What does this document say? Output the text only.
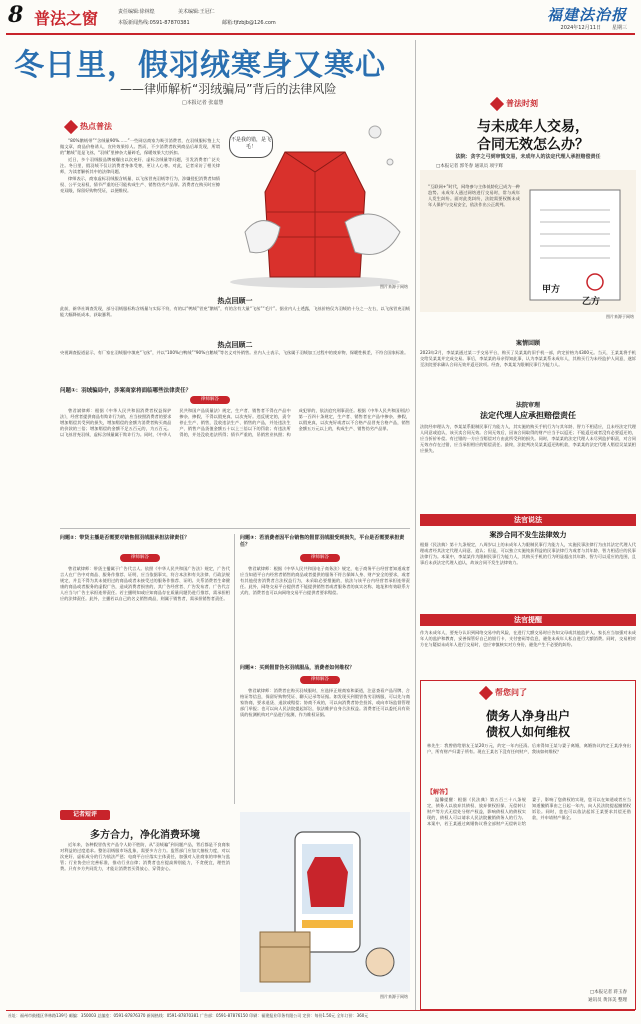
8 普法之窗	责任编辑:徐林煌	美术编辑:王冠仁
本版新闻热线:0591-87870381	邮箱:fjfzbjb@126.com	福建法治报
2024年12月11日 星期三
冬日里，假羽绒寒身又寒心
——律师解析“羽绒骗局”背后的法律风险
□本报记者 张嘉慧
热点普法

“80%鹅绒带”“含绒量90%……”一些网店商家为吸引消费者，在羽绒服标签上大做文章，商品价格诱人，宣传效果惊人。然而，不少消费者收到商品后却发现，所谓的“鹅绒”竟是飞丝，“羽绒”里掺杂大量碎毛，保暖效果大打折扣。

近日，多个羽绒服品牌被曝出以次充好、虚标含绒量等问题，引发消费者广泛关注。冬日里，假羽绒不仅让消费者身体受寒，更让人心寒。对此，记者采访了相关律师，为读者解析其中的法律问题。

律师表示，商家虚标羽绒服含绒量、以飞丝冒充羽绒等行为，涉嫌侵犯消费者知情权、公平交易权，情节严重的还可能构成生产、销售伪劣产品罪。消费者在购买时应擦亮双眼，保留好购物凭证，以便维权。

不是我的错，是飞毛！
图片来源于网络
热点回顾一
此前，新华社调查发现，部分羽绒服标称含绒量与实际不符，有的以“鸭绒”冒充“鹅绒”，有的含有大量“飞丝”“毛片”。据业内人士透露，飞丝价格仅为羽绒的十分之一左右，以飞丝冒充羽绒能大幅降低成本，获取暴利。
热点回顾二
央视调查报道显示，有厂家在羽绒服中填充“飞丝”，并以“100%白鸭绒”“90%白鹅绒”等名义对外销售。业内人士表示，飞丝属于羽绒加工过程中的废弃物，保暖性极差，不符合国家标准。
问题①：羽绒骗局中，涉案商家将面临哪些法律责任？
律师解答

曾君斌律师：根据《中华人民共和国消费者权益保护法》，经营者提供商品有欺诈行为的，应当按照消费者的要求增加赔偿其受到的损失，增加赔偿的金额为消费者购买商品的价款的三倍；增加赔偿的金额不足五百元的，为五百元。以飞丝冒充羽绒、虚标含绒量属于欺诈行为。同时，《中华人民共和国产品质量法》规定，生产者、销售者不得在产品中掺杂、掺假，不得以假充真、以次充好。违反规定的，责令停止生产、销售，没收违法生产、销售的产品，并处违法生产、销售产品货值金额五十以上三倍以下的罚款；有违法所得的，并处没收违法所得；情节严重的，吊销营业执照；构成犯罪的，依法追究刑事责任。根据《中华人民共和国刑法》第一百四十条规定，生产者、销售者在产品中掺杂、掺假，以假充真，以次充好或者以不合格产品冒充合格产品，销售金额五万元以上的，构成生产、销售伪劣产品罪。

问题②：带货主播是否需要对销售假羽绒服承担法律责任？
律师解答

曾君斌律师：带货主播属于广告代言人。依照《中华人民共和国广告法》规定，广告代言人在广告中对商品、服务作推荐、证明，应当依据事实，符合本法和有关法律、行政法规规定，并且不得为其未使用过的商品或者未接受过的服务作推荐、证明。关系消费者生命健康的商品或者服务的虚假广告，造成消费者损害的，其广告经营者、广告发布者、广告代言人应当与广告主承担连带责任。若主播明知或应知商品存在质量问题仍进行推荐，需承担相应的法律责任。此外，主播若以自己的名义销售商品，则属于销售者，需承担销售者责任。

问题③：若消费者因平台销售的假冒羽绒服受到损失，平台是否需要承担责任？
律师解答

曾君斌律师：根据《中华人民共和国电子商务法》规定，电子商务平台经营者知道或者应当知道平台内经营者销售的商品或者提供的服务不符合保障人身、财产安全的要求，或者有其他侵害消费者合法权益行为，未采取必要措施的，依法与该平台内经营者承担连带责任。此外，网络交易平台提供者不能提供销售者或者服务者的真实名称、地址和有效联系方式的，消费者也可以向网络交易平台提供者要求赔偿。

问题④：买到假冒伪劣羽绒服品，消费者如何维权？
律师解答

曾君斌律师：消费者在购买羽绒服时，应选择正规商家和渠道，注意查看产品吊牌、合格证等信息，保留好购物凭证、聊天记录等证据。如发现买到假冒伪劣羽绒服，可以先与商家协商，要求退货、退款或赔偿；协商不成的，可以向消费者协会投诉，或向市场监督管理部门举报；也可以向人民法院提起诉讼，依法维护自身合法权益。消费者还可以委托具有资质的检测机构对产品进行检测，作为维权证据。

记者短评
多方合力，净化消费环境

近年来，各种假冒伪劣产品令人防不胜防，从“羽绒骗”到问题产品，背后都是不良商家对利益的过度追求。整治羽绒服市场乱象，需要多方合力。监管部门应加大抽检力度，对以次充好、虚标成分的行为依法严惩；电商平台应落实主体责任，加强对入驻商家的审核与监管；行业协会应完善标准，推动行业自律；消费者也应提高辨别能力，不贪便宜，理性消费。只有多方共同发力，才能让消费者买得放心、穿得安心。

图片来源于网络
普法时刻
与未成年人交易，
合同无效怎么办？
法院：贪字之弓到审慎交易，未成年人的法定代理人承担赔偿责任
□本报记者 郭冬春 通讯员 项宇辉
“互联网+”时代，网络参与主体低龄化已成为一种趋势。未成年人通过网络进行交易时，常与成年人发生纠纷。面对此类纠纷，法院需要权衡未成年人保护与交易安全，依法作出公正裁判。
甲方
乙方
图片来源于网络
案情回顾
2023年2月，李某某通过某二手交易平台，购买了吴某某的旧手机一部，约定价格为4300元。当天，王某某将手机交给吴某某并完成交易。事后，李某某的母亲得知此事，认为李某某系未成年人，其购买行为未经监护人同意，遂诉至法院要求确认合同无效并返还款项。经查，李某某为限制民事行为能力人。
法院审理
法定代理人应承担赔偿责任
法院经审理认为，李某某系限制民事行为能力人，其实施的购买手机行为与其年龄、智力不相适应，且未经法定代理人同意或追认，该买卖合同无效。合同无效后，因该合同取得的财产应当予以返还；不能返还或者没有必要返还的，应当折价补偿。有过错的一方应当赔偿对方由此所受到的损失。同时，李某某的法定代理人未尽到监护职责，对合同无效亦存在过错，应当承担相应的赔偿责任。最终，法院判决吴某某返还购机款，李某某的法定代理人赔偿吴某某相应损失。
法官说法
案涉合同不发生法律效力
根据《民法典》第十九条规定，八周岁以上的未成年人为限制民事行为能力人，实施民事法律行为由其法定代理人代理或者经其法定代理人同意、追认；但是，可以独立实施纯获利益的民事法律行为或者与其年龄、智力相适应的民事法律行为。本案中，李某某作为限制民事行为能力人，其购买手机的行为明显超出其年龄、智力可以适应的范围，且事后未获法定代理人追认，故该合同不发生法律效力。
法官提醒
作为未成年人，要充分认识到网络交易中的风险，在进行大额交易时应告知父母或其他监护人。家长应当加强对未成年人的监护和教育，妥善保管好自己的银行卡、支付密码等信息，避免未成年人私自进行大额消费。同时，交易相对方在与疑似未成年人进行交易时，也应审慎核实对方身份，避免产生不必要的纠纷。
帮您问了
债务人净身出户
债权人如何维权
林先生：我曾借给朋友王某20万元，约定一年内还清。后来得知王某与妻子离婚，离婚协议约定王某净身出户，所有财产归妻子所有。现在王某名下没有任何财产，我该如何维权？
【解答】

温馨提醒：根据《民法典》第五百三十八条规定，债务人以放弃其债权、放弃债权担保、无偿转让财产等方式无偿处分财产权益，影响债权人的债权实现的，债权人可以请求人民法院撤销债务人的行为。本案中，若王某通过离婚协议将全部财产无偿转让给妻子，影响了您债权的实现，您可以在知道或者应当知道撤销事由之日起一年内，向人民法院提起撤销权诉讼。同时，您也可以依法起诉王某要求其偿还借款，并申请财产保全。

□本报记者 蒋玉春
通讯员 黄泽美 整理
社址：福州市鼓楼区华林路139号 邮编：350003 总编室：0591-87876370 新闻热线：0591-87870381 广告部：0591-87876150 印刷：福建报业印务有限公司 定价：每份1.50元 全年订价：360元
